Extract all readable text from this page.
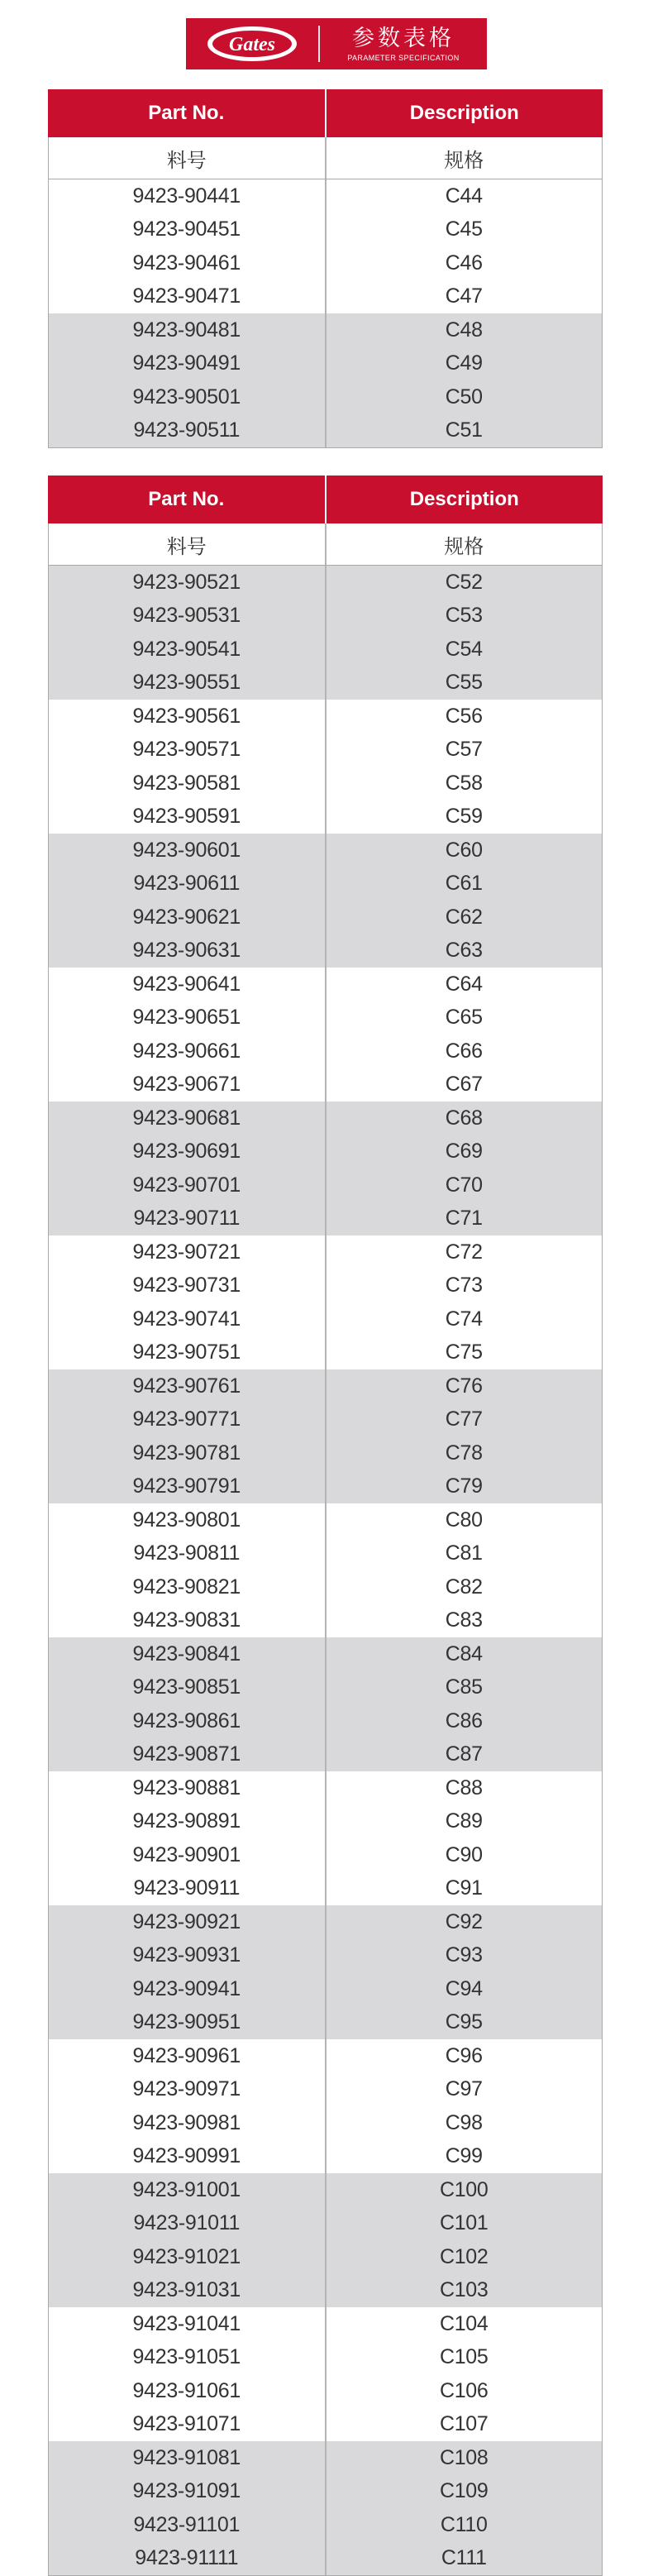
Gates	参数表格
PARAMETER SPECIFICATION
Part No.	Description
料号	规格
9423-90441	C44
9423-90451	C45
9423-90461	C46
9423-90471	C47
9423-90481	C48
9423-90491	C49
9423-90501	C50
9423-90511	C51
Part No.	Description
料号	规格
9423-90521	C52
9423-90531	C53
9423-90541	C54
9423-90551	C55
9423-90561	C56
9423-90571	C57
9423-90581	C58
9423-90591	C59
9423-90601	C60
9423-90611	C61
9423-90621	C62
9423-90631	C63
9423-90641	C64
9423-90651	C65
9423-90661	C66
9423-90671	C67
9423-90681	C68
9423-90691	C69
9423-90701	C70
9423-90711	C71
9423-90721	C72
9423-90731	C73
9423-90741	C74
9423-90751	C75
9423-90761	C76
9423-90771	C77
9423-90781	C78
9423-90791	C79
9423-90801	C80
9423-90811	C81
9423-90821	C82
9423-90831	C83
9423-90841	C84
9423-90851	C85
9423-90861	C86
9423-90871	C87
9423-90881	C88
9423-90891	C89
9423-90901	C90
9423-90911	C91
9423-90921	C92
9423-90931	C93
9423-90941	C94
9423-90951	C95
9423-90961	C96
9423-90971	C97
9423-90981	C98
9423-90991	C99
9423-91001	C100
9423-91011	C101
9423-91021	C102
9423-91031	C103
9423-91041	C104
9423-91051	C105
9423-91061	C106
9423-91071	C107
9423-91081	C108
9423-91091	C109
9423-91101	C110
9423-91111	C111
